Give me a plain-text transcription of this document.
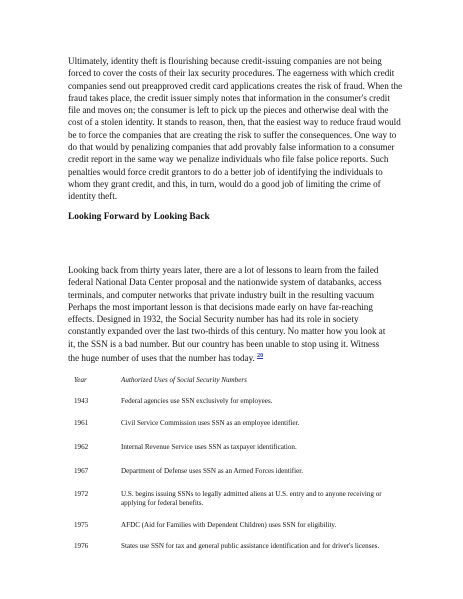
Ultimately, identity theft is flourishing because credit-issuing companies are not being forced to cover the costs of their lax security procedures. The eagerness with which credit companies send out preapproved credit card applications creates the risk of fraud. When the fraud takes place, the credit issuer simply notes that information in the consumer's credit file and moves on; the consumer is left to pick up the pieces and otherwise deal with the cost of a stolen identity. It stands to reason, then, that the easiest way to reduce fraud would be to force the companies that are creating the risk to suffer the consequences. One way to do that would by penalizing companies that add provably false information to a consumer credit report in the same way we penalize individuals who file false police reports. Such penalties would force credit grantors to do a better job of identifying the individuals to whom they grant credit, and this, in turn, would do a good job of limiting the crime of identity theft.
Looking Forward by Looking Back
Looking back from thirty years later, there are a lot of lessons to learn from the failed
federal National Data Center proposal and the nationwide system of databanks, access
terminals, and computer networks that private industry built in the resulting vacuum
Perhaps the most important lesson is that decisions made early on have far-reaching
effects. Designed in 1932, the Social Security number has had its role in society
constantly expanded over the last two-thirds of this century. No matter how you look at
it, the SSN is a bad number. But our country has been unable to stop using it. Witness
the huge number of uses that the number has today. $^{20}$
Year	Authorized Uses of Social Security Numbers
1943	Federal agencies use SSN exclusively for employees.
1961	Civil Service Commission uses SSN as an employee identifier.
1962	Internal Revenue Service uses SSN as taxpayer identification.
1967	Department of Defense uses SSN as an Armed Forces identifier.
1972	U.S. begins issuing SSNs to legally admitted aliens at U.S. entry and to anyone receiving or applying for federal benefits.
1975	AFDC (Aid for Families with Dependent Children) uses SSN for eligibility.
1976	States use SSN for tax and general public assistance identification and for driver's licenses.
